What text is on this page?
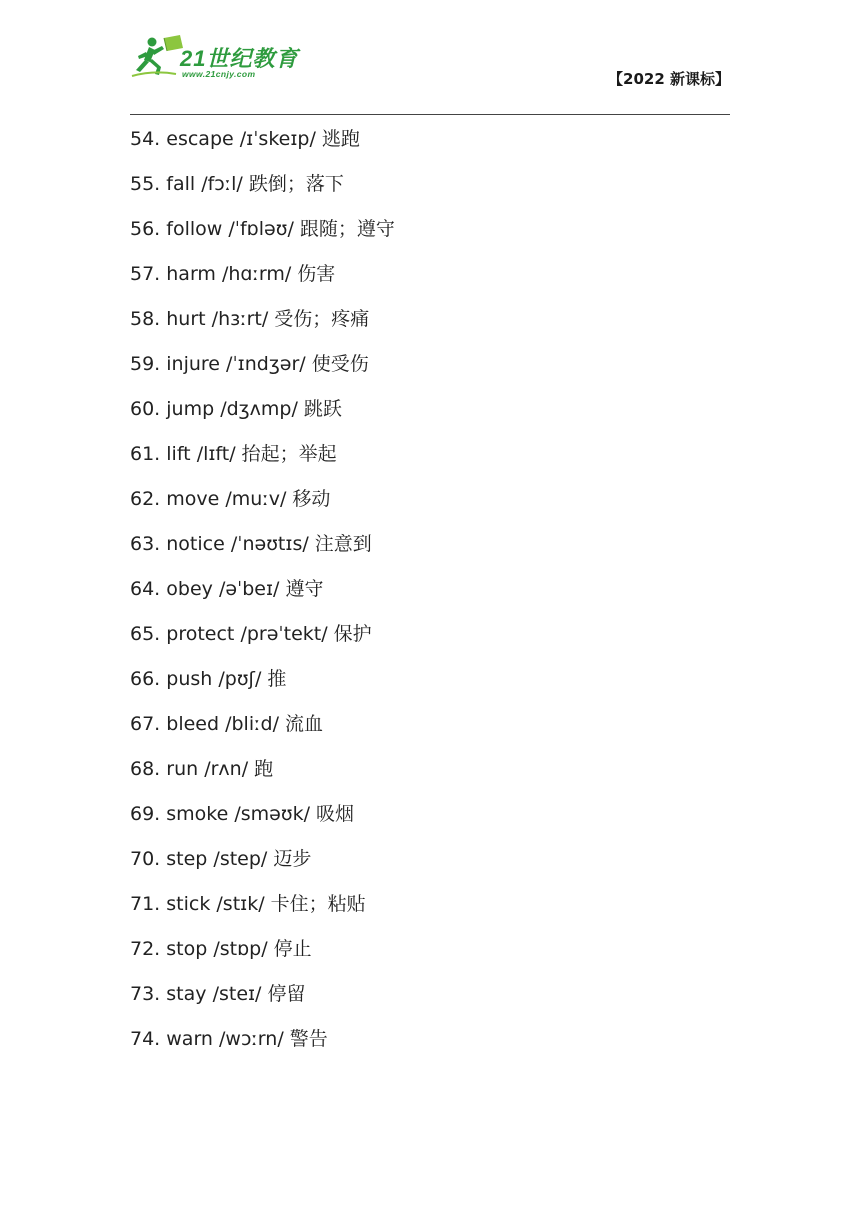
21世纪教育
www.21cnjy.com	【2022 新课标】
54. escape /ɪˈskeɪp/ 逃跑
55. fall /fɔːl/ 跌倒；落下
56. follow /ˈfɒləʊ/ 跟随；遵守
57. harm /hɑːrm/ 伤害
58. hurt /hɜːrt/ 受伤；疼痛
59. injure /ˈɪndʒər/ 使受伤
60. jump /dʒʌmp/ 跳跃
61. lift /lɪft/ 抬起；举起
62. move /muːv/ 移动
63. notice /ˈnəʊtɪs/ 注意到
64. obey /əˈbeɪ/ 遵守
65. protect /prəˈtekt/ 保护
66. push /pʊʃ/ 推
67. bleed /bliːd/ 流血
68. run /rʌn/ 跑
69. smoke /sməʊk/ 吸烟
70. step /step/ 迈步
71. stick /stɪk/ 卡住；粘贴
72. stop /stɒp/ 停止
73. stay /steɪ/ 停留
74. warn /wɔːrn/ 警告
